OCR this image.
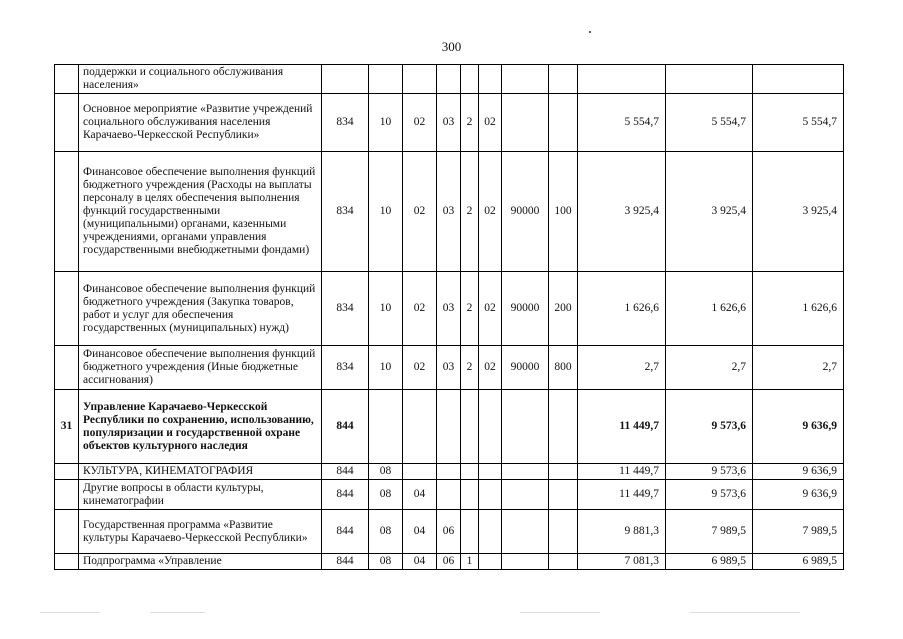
300
	поддержки и социального обслуживания населения»											
	Основное мероприятие «Развитие учреждений социального обслуживания населения Карачаево-Черкесской Республики»	834	10	02	03	2	02			5 554,7	5 554,7	5 554,7
	Финансовое обеспечение выполнения функций бюджетного учреждения (Расходы на выплаты персоналу в целях обеспечения выполнения функций государственными (муниципальными) органами, казенными учреждениями, органами управления государственными внебюджетными фондами)	834	10	02	03	2	02	90000	100	3 925,4	3 925,4	3 925,4
	Финансовое обеспечение выполнения функций бюджетного учреждения (Закупка товаров, работ и услуг для обеспечения государственных (муниципальных) нужд)	834	10	02	03	2	02	90000	200	1 626,6	1 626,6	1 626,6
	Финансовое обеспечение выполнения функций бюджетного учреждения (Иные бюджетные ассигнования)	834	10	02	03	2	02	90000	800	2,7	2,7	2,7
31	Управление Карачаево-Черкесской Республики по сохранению, использованию, популяризации и государственной охране объектов культурного наследия	844								11 449,7	9 573,6	9 636,9
	КУЛЬТУРА, КИНЕМАТОГРАФИЯ	844	08							11 449,7	9 573,6	9 636,9
	Другие вопросы в области культуры, кинематографии	844	08	04						11 449,7	9 573,6	9 636,9
	Государственная программа «Развитие культуры Карачаево-Черкесской Республики»	844	08	04	06					9 881,3	7 989,5	7 989,5
	Подпрограмма «Управление	844	08	04	06	1				7 081,3	6 989,5	6 989,5
